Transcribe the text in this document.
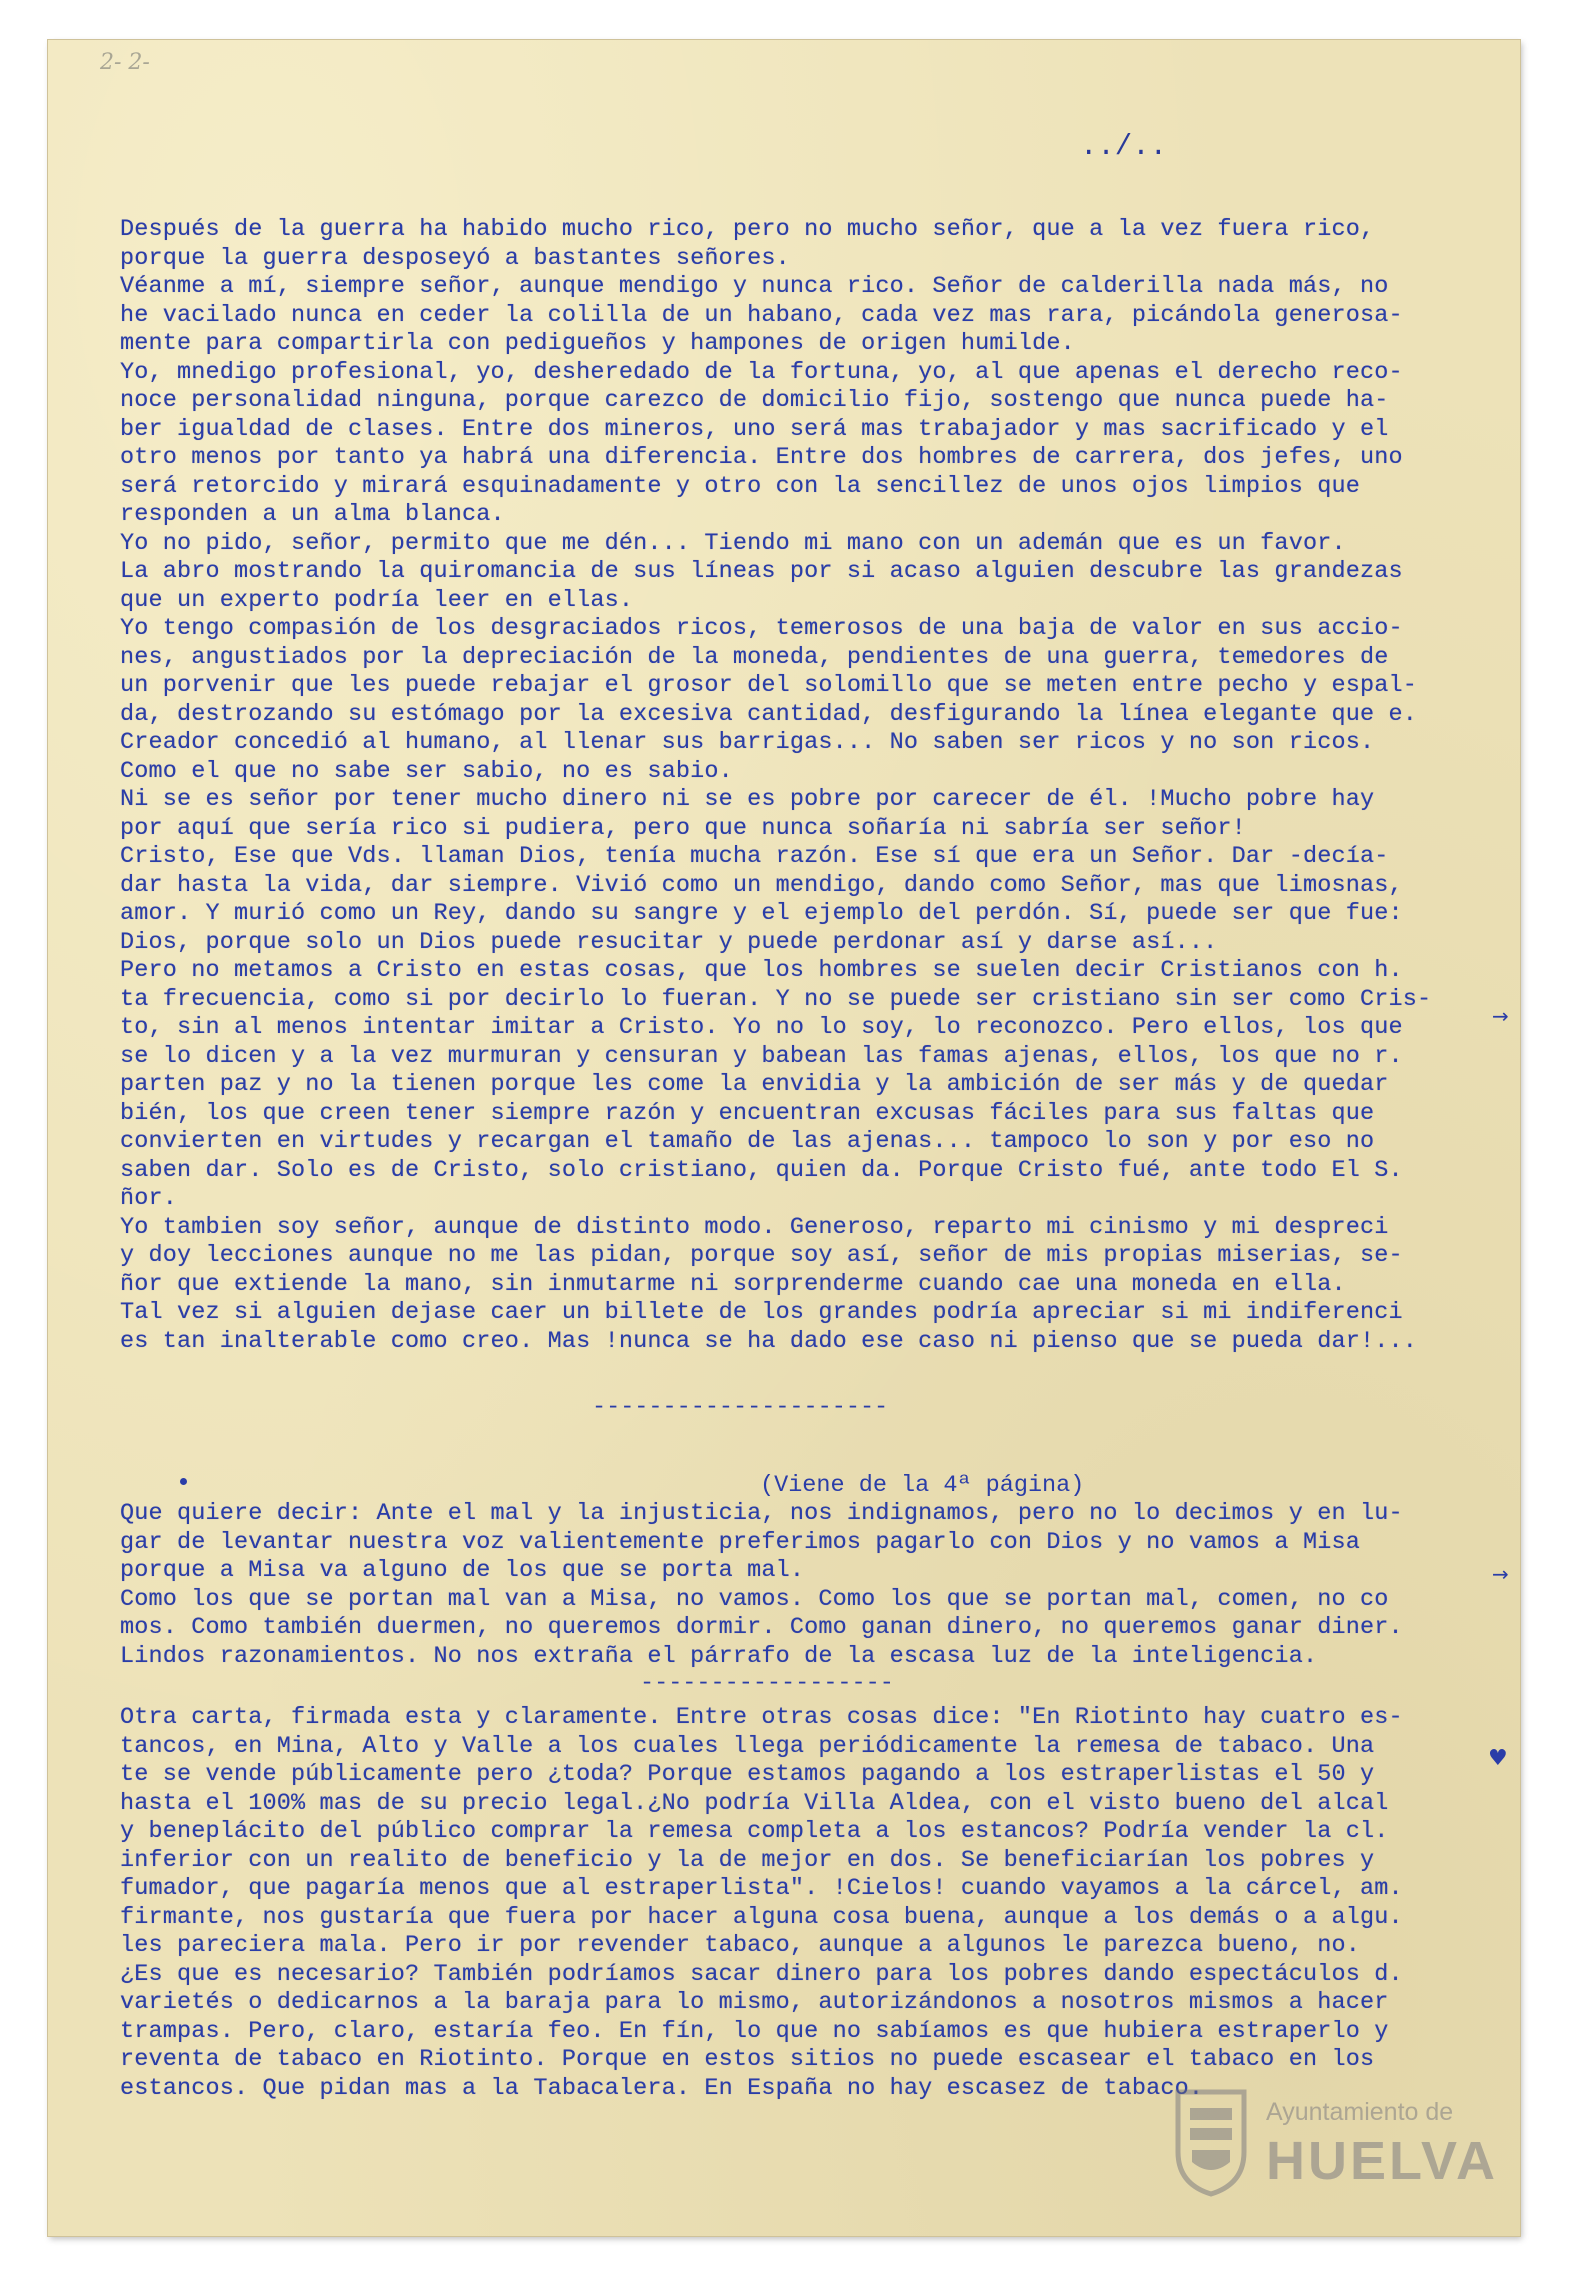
2- 2-
../..
Después de la guerra ha habido mucho rico, pero no mucho señor, que a la vez fuera rico,
porque la guerra desposeyó a bastantes señores.
Véanme a mí, siempre señor, aunque mendigo y nunca rico. Señor de calderilla nada más, no
he vacilado nunca en ceder la colilla de un habano, cada vez mas rara, picándola generosa-
mente para compartirla con pedigueños y hampones de origen humilde.
Yo, mnedigo profesional, yo, desheredado de la fortuna, yo, al que apenas el derecho reco-
noce personalidad ninguna, porque carezco de domicilio fijo, sostengo que nunca puede ha-
ber igualdad de clases. Entre dos mineros, uno será mas trabajador y mas sacrificado y el
otro menos por tanto ya habrá una diferencia. Entre dos hombres de carrera, dos jefes, uno
será retorcido y mirará esquinadamente y otro con la sencillez de unos ojos limpios que
responden a un alma blanca.
Yo no pido, señor, permito que me dén... Tiendo mi mano con un ademán que es un favor.
La abro mostrando la quiromancia de sus líneas por si acaso alguien descubre las grandezas
que un experto podría leer en ellas.
Yo tengo compasión de los desgraciados ricos, temerosos de una baja de valor en sus accio-
nes, angustiados por la depreciación de la moneda, pendientes de una guerra, temedores de
un porvenir que les puede rebajar el grosor del solomillo que se meten entre pecho y espal-
da, destrozando su estómago por la excesiva cantidad, desfigurando la línea elegante que e.
Creador concedió al humano, al llenar sus barrigas... No saben ser ricos y no son ricos.
Como el que no sabe ser sabio, no es sabio.
Ni se es señor por tener mucho dinero ni se es pobre por carecer de él. !Mucho pobre hay
por aquí que sería rico si pudiera, pero que nunca soñaría ni sabría ser señor!
Cristo, Ese que Vds. llaman Dios, tenía mucha razón. Ese sí que era un Señor. Dar -decía-
dar hasta la vida, dar siempre. Vivió como un mendigo, dando como Señor, mas que limosnas,
amor. Y murió como un Rey, dando su sangre y el ejemplo del perdón. Sí, puede ser que fue:
Dios, porque solo un Dios puede resucitar y puede perdonar así y darse así...
Pero no metamos a Cristo en estas cosas, que los hombres se suelen decir Cristianos con h.
ta frecuencia, como si por decirlo lo fueran. Y no se puede ser cristiano sin ser como Cris-
to, sin al menos intentar imitar a Cristo. Yo no lo soy, lo reconozco. Pero ellos, los que
se lo dicen y a la vez murmuran y censuran y babean las famas ajenas, ellos, los que no r.
parten paz y no la tienen porque les come la envidia y la ambición de ser más y de quedar
bién, los que creen tener siempre razón y encuentran excusas fáciles para sus faltas que
convierten en virtudes y recargan el tamaño de las ajenas... tampoco lo son y por eso no
saben dar. Solo es de Cristo, solo cristiano, quien da. Porque Cristo fué, ante todo El S.
ñor.
Yo tambien soy señor, aunque de distinto modo. Generoso, reparto mi cinismo y mi despreci
y doy lecciones aunque no me las pidan, porque soy así, señor de mis propias miserias, se-
ñor que extiende la mano, sin inmutarme ni sorprenderme cuando cae una moneda en ella.
Tal vez si alguien dejase caer un billete de los grandes podría apreciar si mi indiferenci
es tan inalterable como creo. Mas !nunca se ha dado ese caso ni pienso que se pueda dar!...
---------------------
(Viene de la 4ª página)
Que quiere decir: Ante el mal y la injusticia, nos indignamos, pero no lo decimos y en lu-
gar de levantar nuestra voz valientemente preferimos pagarlo con Dios y no vamos a Misa
porque a Misa va alguno de los que se porta mal.
Como los que se portan mal van a Misa, no vamos. Como los que se portan mal, comen, no co
mos. Como también duermen, no queremos dormir. Como ganan dinero, no queremos ganar diner.
Lindos razonamientos. No nos extraña el párrafo de la escasa luz de la inteligencia.
------------------
Otra carta, firmada esta y claramente. Entre otras cosas dice: "En Riotinto hay cuatro es-
tancos, en Mina, Alto y Valle a los cuales llega periódicamente la remesa de tabaco. Una
te se vende públicamente pero ¿toda? Porque estamos pagando a los estraperlistas el 50 y
hasta el 100% mas de su precio legal.¿No podría Villa Aldea, con el visto bueno del alcal
y beneplácito del público comprar la remesa completa a los estancos? Podría vender la cl.
inferior con un realito de beneficio y la de mejor en dos. Se beneficiarían los pobres y
fumador, que pagaría menos que al estraperlista". !Cielos! cuando vayamos a la cárcel, am.
firmante, nos gustaría que fuera por hacer alguna cosa buena, aunque a los demás o a algu.
les pareciera mala. Pero ir por revender tabaco, aunque a algunos le parezca bueno, no.
¿Es que es necesario? También podríamos sacar dinero para los pobres dando espectáculos d.
varietés o dedicarnos a la baraja para lo mismo, autorizándonos a nosotros mismos a hacer
trampas. Pero, claro, estaría feo. En fín, lo que no sabíamos es que hubiera estraperlo y
reventa de tabaco en Riotinto. Porque en estos sitios no puede escasear el tabaco en los
estancos. Que pidan mas a la Tabacalera. En España no hay escasez de tabaco.
→
→
♥
Ayuntamiento de
HUELVA
